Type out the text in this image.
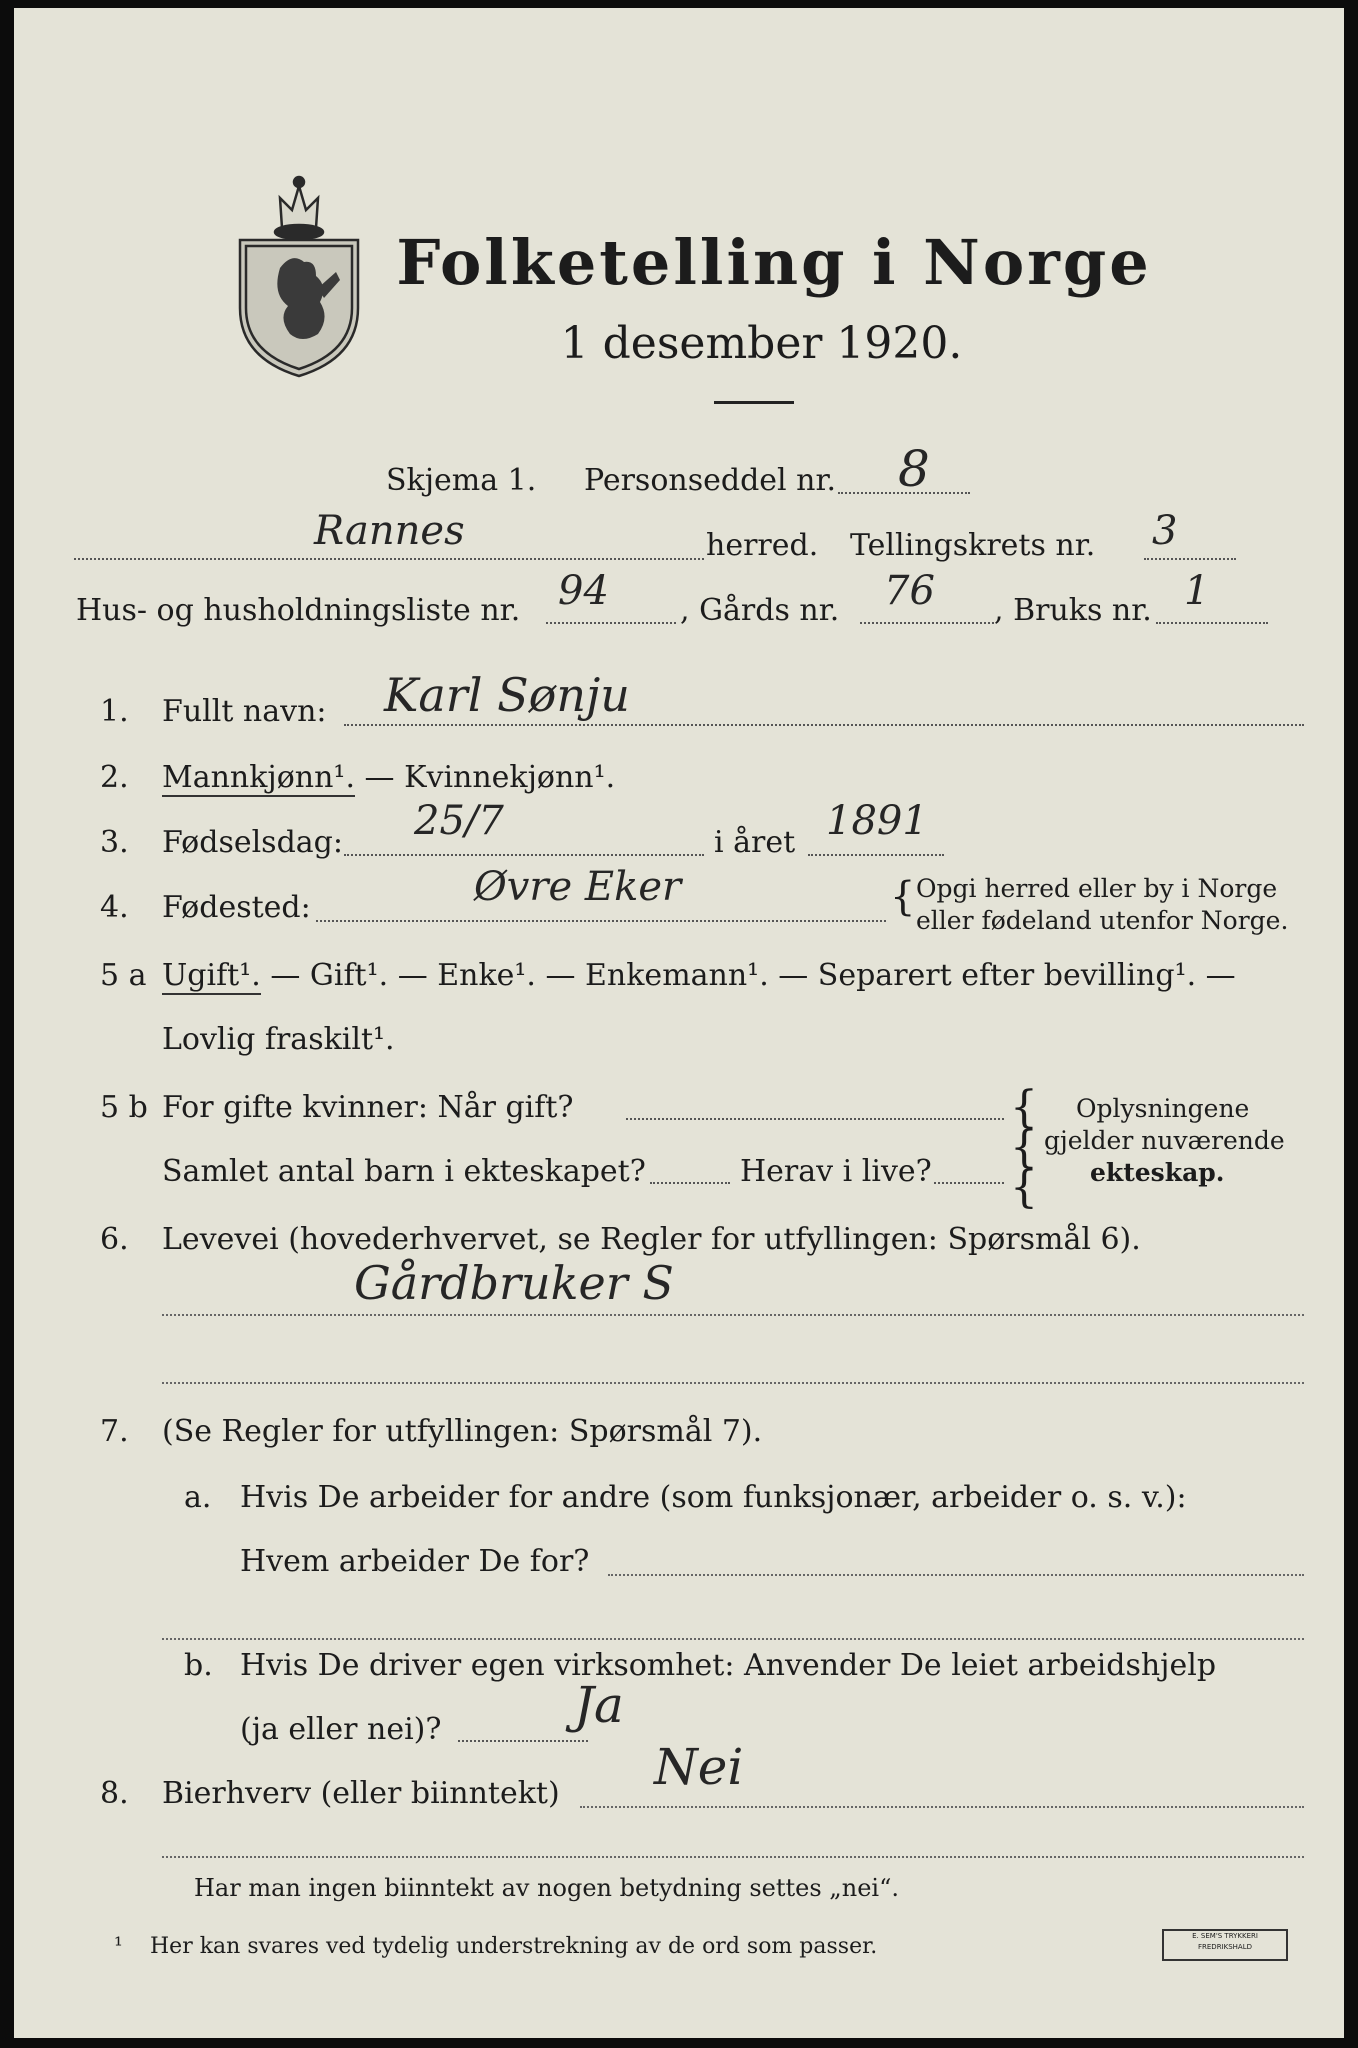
Folketelling i Norge
1 desember 1920.
Skjema 1. Personseddel nr. 8
Rannes	herred. Tellingskrets nr. 3
Hus- og husholdningsliste nr. 94 , Gårds nr. 76 , Bruks nr. 1
1. Fullt navn: Karl Sønju
2. Mannkjønn¹. — Kvinnekjønn¹.
3. Fødselsdag: 25/7	i året 1891
4. Fødested:	Øvre Eker	{ Opgi herred eller by i Norge
eller fødeland utenfor Norge.
5 a Ugift¹. — Gift¹. — Enke¹. — Enkemann¹. — Separert efter bevilling¹. —
Lovlig fraskilt¹.
5 b For gifte kvinner: Når gift?
Samlet antal barn i ekteskapet?	Herav i live?
{
{
{
Oplysningene
gjelder nuværende
ekteskap.
6. Levevei (hovederhvervet, se Regler for utfyllingen: Spørsmål 6).
Gårdbruker S
7. (Se Regler for utfyllingen: Spørsmål 7).
a. Hvis De arbeider for andre (som funksjonær, arbeider o. s. v.):
Hvem arbeider De for?
b. Hvis De driver egen virksomhet: Anvender De leiet arbeidshjelp
(ja eller nei)?	Ja
8. Bierhverv (eller biinntekt) Nei
Har man ingen biinntekt av nogen betydning settes „nei“.
¹ Her kan svares ved tydelig understrekning av de ord som passer.	E. SEM'S TRYKKERI FREDRIKSHALD
